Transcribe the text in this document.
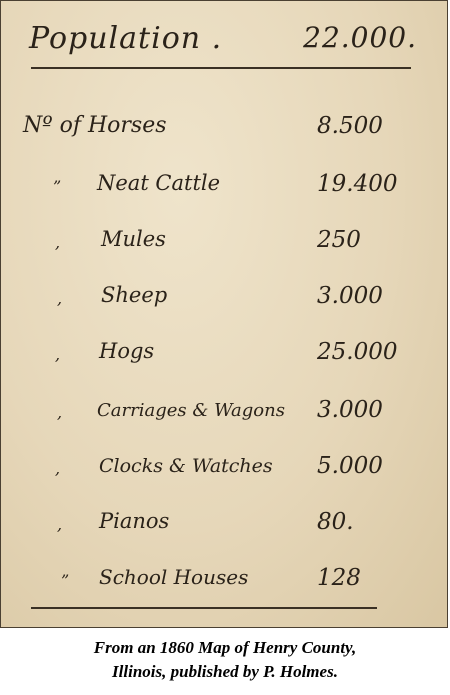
Population .	22.000.
Nº of Horses	8.500
” Neat Cattle	19.400
, Mules	250
, Sheep	3.000
, Hogs	25.000
, Carriages & Wagons 3.000
, Clocks & Watches 5.000
, Pianos	80.
” School Houses	128
From an 1860 Map of Henry County,
Illinois, published by P. Holmes.
